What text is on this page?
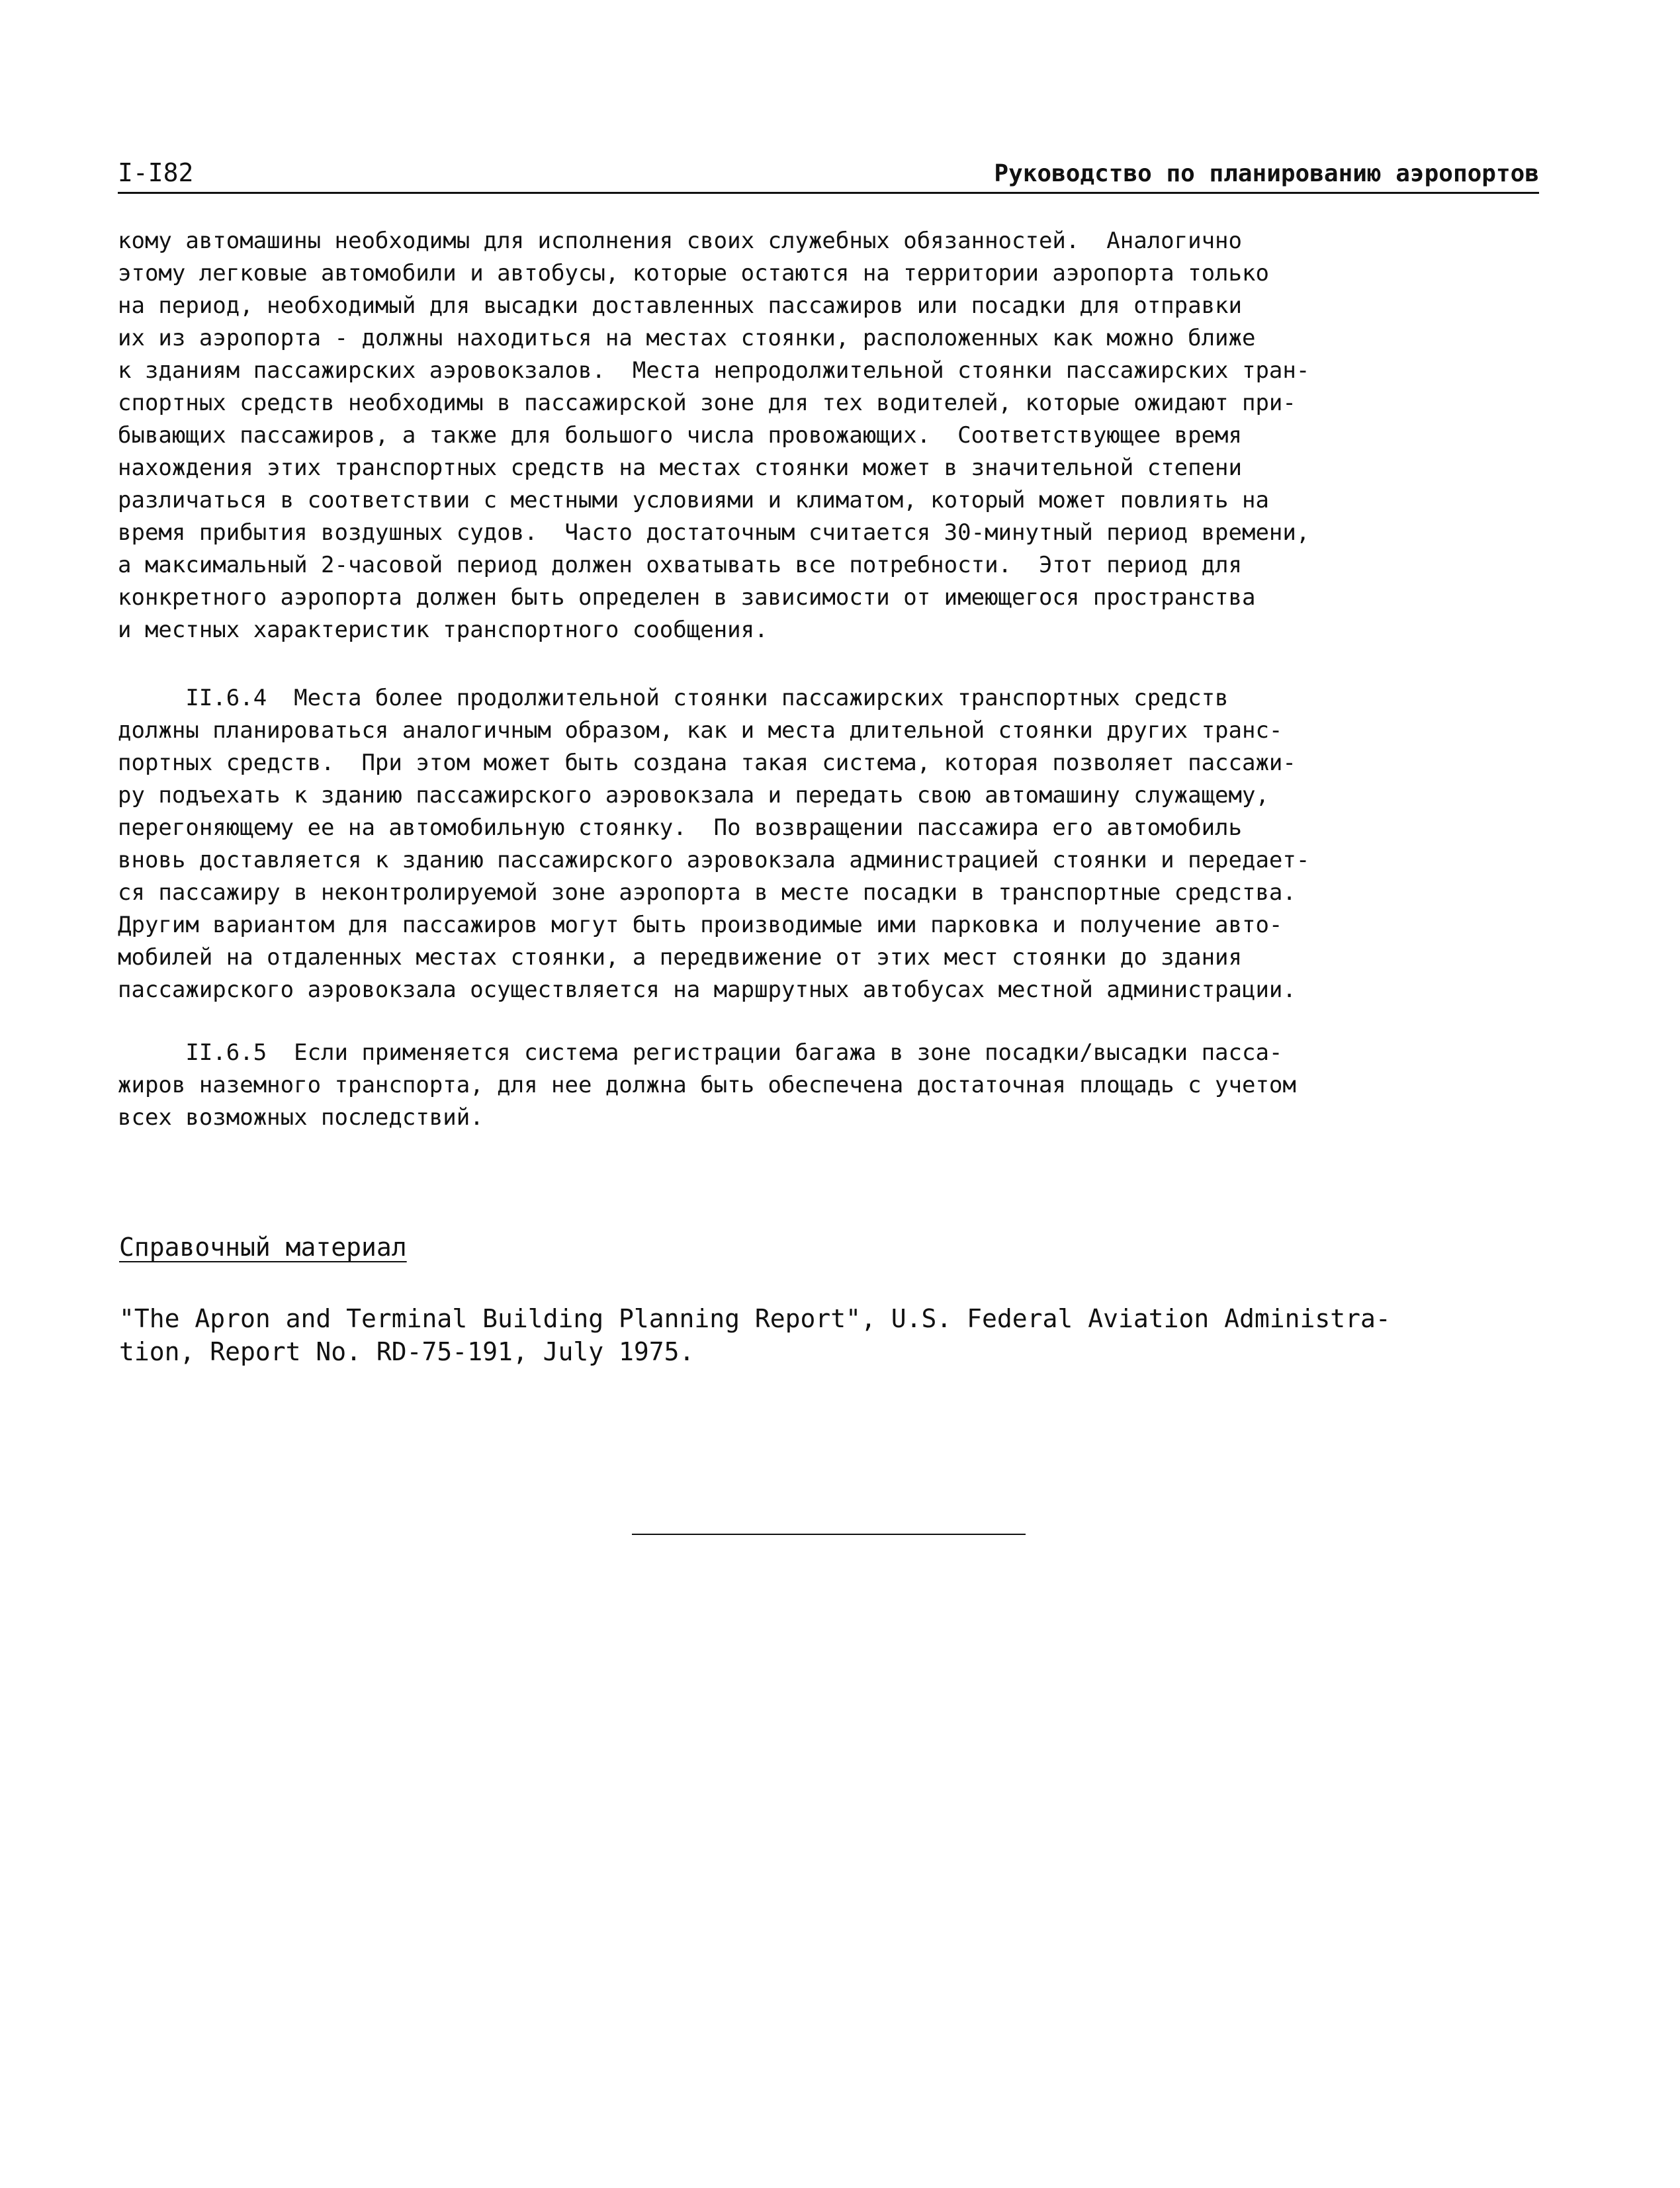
I-I82	Руководство по планированию аэропортов

кому автомашины необходимы для исполнения своих служебных обязанностей.  Аналогично
этому легковые автомобили и автобусы, которые остаются на территории аэропорта только
на период, необходимый для высадки доставленных пассажиров или посадки для отправки
их из аэропорта - должны находиться на местах стоянки, расположенных как можно ближе
к зданиям пассажирских аэровокзалов.  Места непродолжительной стоянки пассажирских тран-
спортных средств необходимы в пассажирской зоне для тех водителей, которые ожидают при-
бывающих пассажиров, а также для большого числа провожающих.  Соответствующее время
нахождения этих транспортных средств на местах стоянки может в значительной степени
различаться в соответствии с местными условиями и климатом, который может повлиять на
время прибытия воздушных судов.  Часто достаточным считается 30-минутный период времени,
а максимальный 2-часовой период должен охватывать все потребности.  Этот период для
конкретного аэропорта должен быть определен в зависимости от имеющегося пространства
и местных характеристик транспортного сообщения.

II.6.4  Места более продолжительной стоянки пассажирских транспортных средств
должны планироваться аналогичным образом, как и места длительной стоянки других транс-
портных средств.  При этом может быть создана такая система, которая позволяет пассажи-
ру подъехать к зданию пассажирского аэровокзала и передать свою автомашину служащему,
перегоняющему ее на автомобильную стоянку.  По возвращении пассажира его автомобиль
вновь доставляется к зданию пассажирского аэровокзала администрацией стоянки и передает-
ся пассажиру в неконтролируемой зоне аэропорта в месте посадки в транспортные средства.
Другим вариантом для пассажиров могут быть производимые ими парковка и получение авто-
мобилей на отдаленных местах стоянки, а передвижение от этих мест стоянки до здания
пассажирского аэровокзала осуществляется на маршрутных автобусах местной администрации.

II.6.5  Если применяется система регистрации багажа в зоне посадки/высадки пасса-
жиров наземного транспорта, для нее должна быть обеспечена достаточная площадь с учетом
всех возможных последствий.

Справочный материал

"The Apron and Terminal Building Planning Report", U.S. Federal Aviation Administra-
tion, Report No. RD-75-191, July 1975.
